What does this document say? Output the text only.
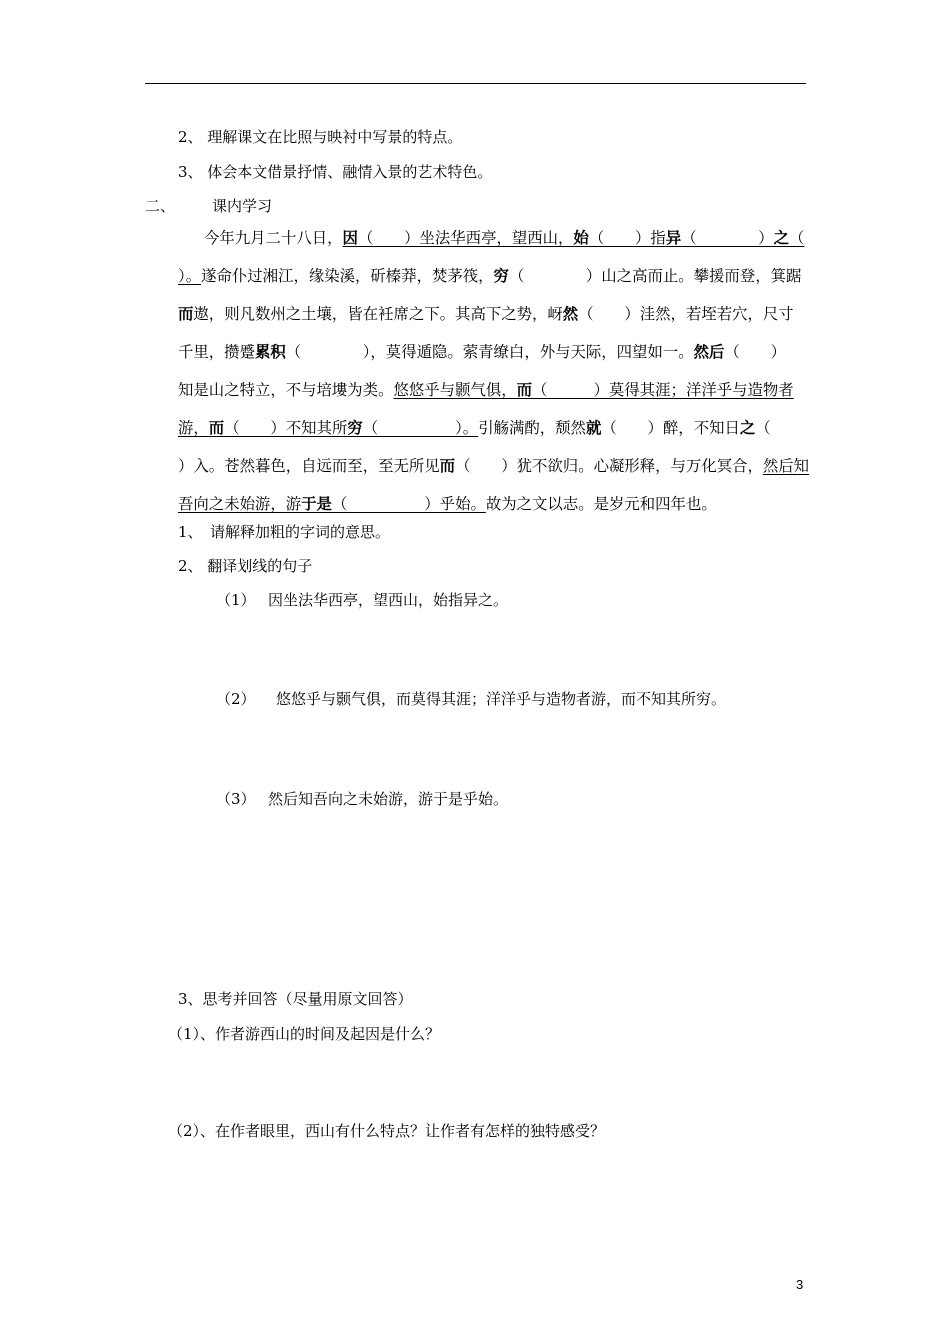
2、 理解课文在比照与映衬中写景的特点。
3、 体会本文借景抒情、融情入景的艺术特色。
二、 课内学习
今年九月二十八日，因（　　）坐法华西亭，望西山，始（　　）指异（　　　　）之（
）。遂命仆过湘江，缘染溪，斫榛莽，焚茅筏，穷（　　　　）山之高而止。攀援而登，箕踞
而遨，则凡数州之土壤，皆在衽席之下。其高下之势，岈然（　　）洼然，若垤若穴，尺寸
千里，攒蹙累积（　　　　），莫得遁隐。萦青缭白，外与天际，四望如一。然后（　　）
知是山之特立，不与培塿为类。悠悠乎与颢气俱，而（　　　）莫得其涯；洋洋乎与造物者
游，而（　　）不知其所穷（　　　　　）。引觞满酌，颓然就（　　）醉，不知日之（
）入。苍然暮色，自远而至，至无所见而（　　）犹不欲归。心凝形释，与万化冥合，然后知
吾向之未始游，游于是（　　　　　）乎始。故为之文以志。是岁元和四年也。
1、　请解释加粗的字词的意思。
2、 翻译划线的句子
（1） 因坐法华西亭，望西山，始指异之。
（2） 悠悠乎与颢气俱，而莫得其涯；洋洋乎与造物者游，而不知其所穷。
（3） 然后知吾向之未始游，游于是乎始。
3、思考并回答（尽量用原文回答）
（1）、作者游西山的时间及起因是什么？
（2）、在作者眼里，西山有什么特点？让作者有怎样的独特感受？
3
